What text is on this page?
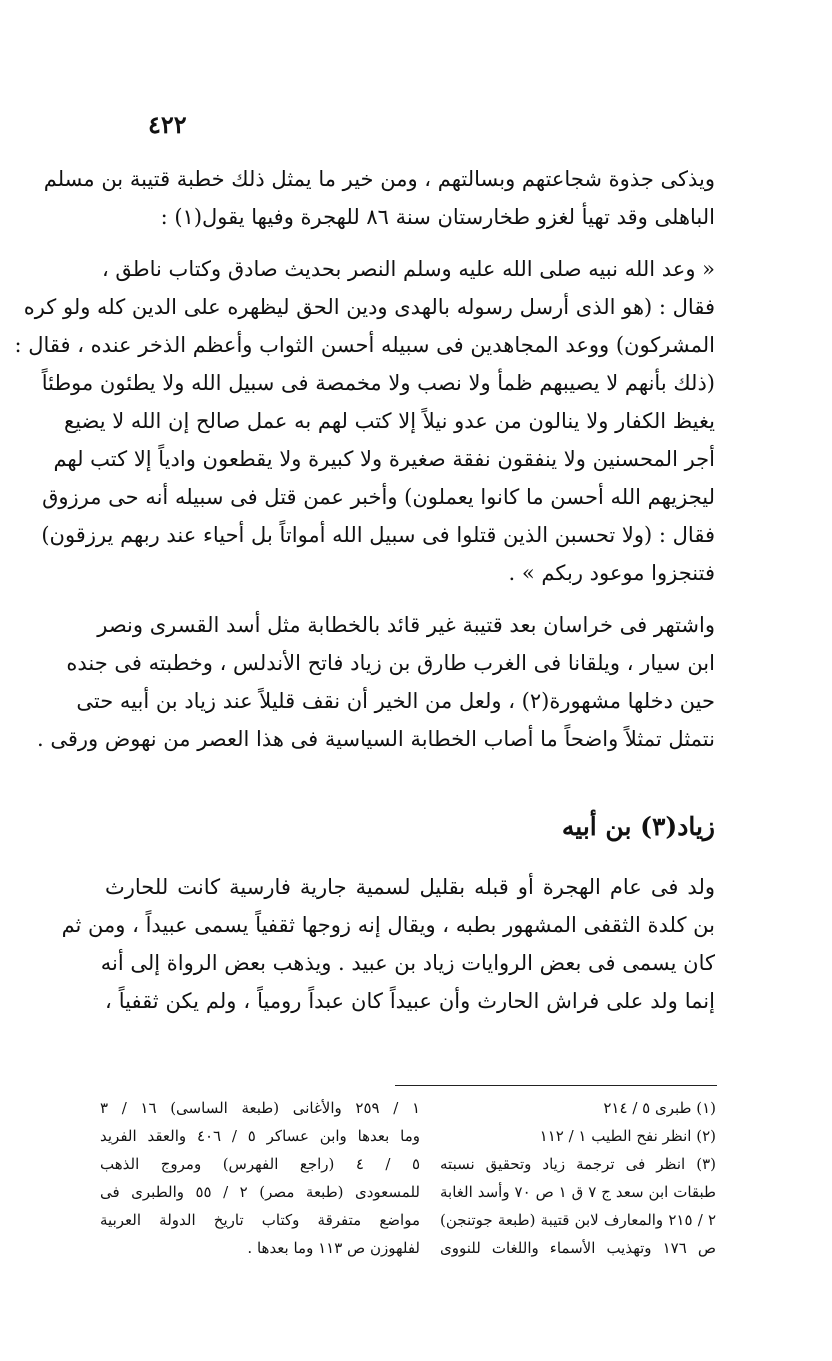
٤٢٢
ويذكى جذوة شجاعتهم وبسالتهم ، ومن خير ما يمثل ذلك خطبة قتيبة بن مسلم
الباهلى وقد تهيأ لغزو طخارستان سنة ٨٦ للهجرة وفيها يقول(١) :
« وعد الله نبيه صلى الله عليه وسلم النصر بحديث صادق وكتاب ناطق ،
فقال : (هو الذى أرسل رسوله بالهدى ودين الحق ليظهره على الدين كله ولو كره
المشركون) ووعد المجاهدين فى سبيله أحسن الثواب وأعظم الذخر عنده ، فقال :
(ذلك بأنهم لا يصيبهم ظمأ ولا نصب ولا مخمصة فى سبيل الله ولا يطئون موطئاً
يغيظ الكفار ولا ينالون من عدو نيلاً إلا كتب لهم به عمل صالح إن الله لا يضيع
أجر المحسنين ولا ينفقون نفقة صغيرة ولا كبيرة ولا يقطعون وادياً إلا كتب لهم
ليجزيهم الله أحسن ما كانوا يعملون) وأخبر عمن قتل فى سبيله أنه حى مرزوق
فقال : (ولا تحسبن الذين قتلوا فى سبيل الله أمواتاً بل أحياء عند ربهم يرزقون)
فتنجزوا موعود ربكم » .
واشتهر فى خراسان بعد قتيبة غير قائد بالخطابة مثل أسد القسرى ونصر
ابن سيار ، ويلقانا فى الغرب طارق بن زياد فاتح الأندلس ، وخطبته فى جنده
حين دخلها مشهورة(٢) ، ولعل من الخير أن نقف قليلاً عند زياد بن أبيه حتى
نتمثل تمثلاً واضحاً ما أصاب الخطابة السياسية فى هذا العصر من نهوض ورقى .
زياد(٣) بن أبيه
ولد فى عام الهجرة أو قبله بقليل لسمية جارية فارسية كانت للحارث
بن كلدة الثقفى المشهور بطبه ، ويقال إنه زوجها ثقفياً يسمى عبيداً ، ومن ثم
كان يسمى فى بعض الروايات زياد بن عبيد . ويذهب بعض الرواة إلى أنه
إنما ولد على فراش الحارث وأن عبيداً كان عبداً رومياً ، ولم يكن ثقفياً ،
(١) طبرى ٥ / ٢١٤
(٢) انظر نفح الطيب ١ / ١١٢
(٣) انظر فى ترجمة زياد وتحقيق نسبته
طبقات ابن سعد ج ٧ ق ١ ص ٧٠ وأسد الغابة
٢ / ٢١٥ والمعارف لابن قتيبة (طبعة جوتنجن)
ص ١٧٦ وتهذيب الأسماء واللغات للنووى
١ / ٢٥٩ والأغانى (طبعة الساسى) ١٦ / ٣
وما بعدها وابن عساكر ٥ / ٤٠٦ والعقد الفريد
٥ / ٤ (راجع الفهرس) ومروج الذهب
للمسعودى (طبعة مصر) ٢ / ٥٥ والطبرى فى
مواضع متفرقة وكتاب تاريخ الدولة العربية
لفلهوزن ص ١١٣ وما بعدها .
